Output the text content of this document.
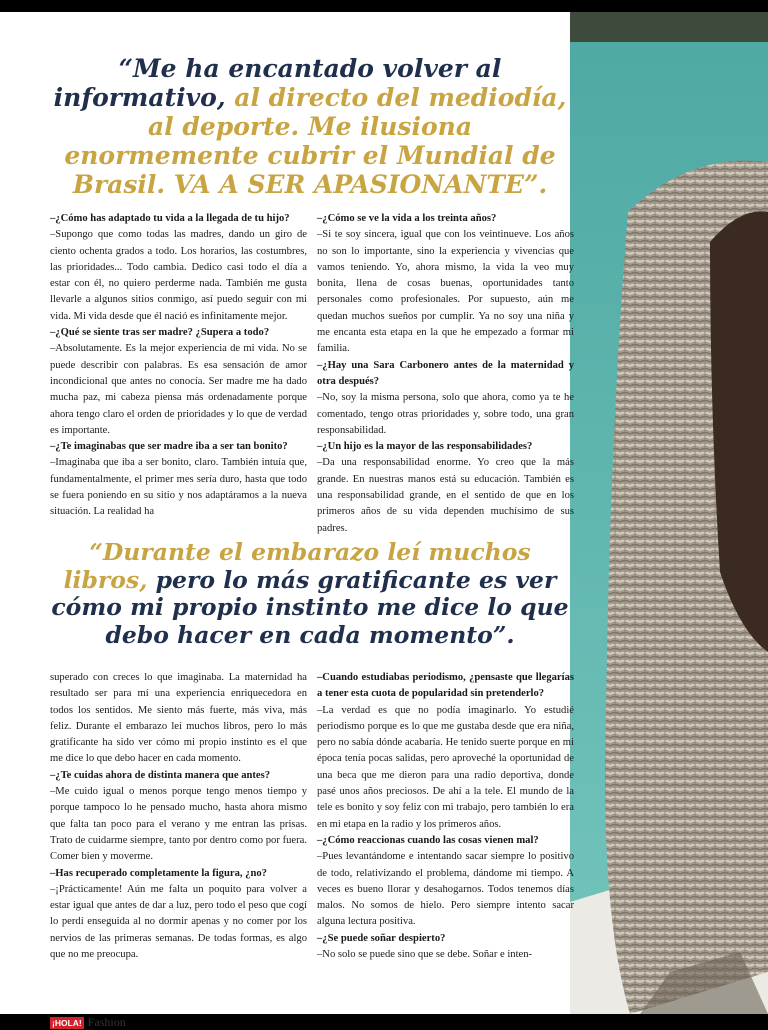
“Me ha encantado volver al informativo, al directo del mediodía, al deporte. Me ilusiona enormemente cubrir el Mundial de Brasil. VA A SER APASIONANTE”.

–¿Cómo has adaptado tu vida a la llegada de tu hijo?
–Supongo que como todas las madres, dando un giro de ciento ochenta grados a todo. Los horarios, las costumbres, las prioridades... Todo cambia. Dedico casi todo el día a estar con él, no quiero perderme nada. También me gusta llevarle a algunos sitios conmigo, así puedo seguir con mi vida. Mi vida desde que él nació es infinitamente mejor.

–¿Qué se siente tras ser madre? ¿Supera a todo?
–Absolutamente. Es la mejor experiencia de mi vida. No se puede describir con palabras. Es esa sensación de amor incondicional que antes no conocía. Ser madre me ha dado mucha paz, mi cabeza piensa más ordenadamente porque ahora tengo claro el orden de prioridades y lo que de verdad es importante.

–¿Te imaginabas que ser madre iba a ser tan bonito?
–Imaginaba que iba a ser bonito, claro. También intuía que, fundamentalmente, el primer mes sería duro, hasta que todo se fuera poniendo en su sitio y nos adaptáramos a la nueva situación. La realidad ha

–¿Cómo se ve la vida a los treinta años?
–Si te soy sincera, igual que con los veintinueve. Los años no son lo importante, sino la experiencia y vivencias que vamos teniendo. Yo, ahora mismo, la vida la veo muy bonita, llena de cosas buenas, oportunidades tanto personales como profesionales. Por supuesto, aún me quedan muchos sueños por cumplir. Ya no soy una niña y me encanta esta etapa en la que he empezado a formar mi familia.

–¿Hay una Sara Carbonero antes de la maternidad y otra después?
–No, soy la misma persona, solo que ahora, como ya te he comentado, tengo otras prioridades y, sobre todo, una gran responsabilidad.

–¿Un hijo es la mayor de las responsabilidades?
–Da una responsabilidad enorme. Yo creo que la más grande. En nuestras manos está su educación. También es una responsabilidad grande, en el sentido de que en los primeros años de su vida dependen muchísimo de sus padres.

“Durante el embarazo leí muchos libros, pero lo más gratificante es ver cómo mi propio instinto me dice lo que debo hacer en cada momento”.

superado con creces lo que imaginaba. La maternidad ha resultado ser para mí una experiencia enriquecedora en todos los sentidos. Me siento más fuerte, más viva, más feliz. Durante el embarazo leí muchos libros, pero lo más gratificante ha sido ver cómo mi propio instinto es el que me dice lo que debo hacer en cada momento.

–¿Te cuidas ahora de distinta manera que antes?
–Me cuido igual o menos porque tengo menos tiempo y porque tampoco lo he pensado mucho, hasta ahora mismo que falta tan poco para el verano y me entran las prisas. Trato de cuidarme siempre, tanto por dentro como por fuera. Comer bien y moverme.

–Has recuperado completamente la figura, ¿no?
–¡Prácticamente! Aún me falta un poquito para volver a estar igual que antes de dar a luz, pero todo el peso que cogí lo perdí enseguida al no dormir apenas y no comer por los nervios de las primeras semanas. De todas formas, es algo que no me preocupa.

–Cuando estudiabas periodismo, ¿pensaste que llegarías a tener esta cuota de popularidad sin pretenderlo?
–La verdad es que no podía imaginarlo. Yo estudié periodismo porque es lo que me gustaba desde que era niña, pero no sabía dónde acabaría. He tenido suerte porque en mi época tenía pocas salidas, pero aproveché la oportunidad de una beca que me dieron para una radio deportiva, donde pasé unos años preciosos. De ahí a la tele. El mundo de la tele es bonito y soy feliz con mi trabajo, pero también lo era en mi etapa en la radio y los primeros años.

–¿Cómo reaccionas cuando las cosas vienen mal?
–Pues levantándome e intentando sacar siempre lo positivo de todo, relativizando el problema, dándome mi tiempo. A veces es bueno llorar y desahogarnos. Todos tenemos días malos. No somos de hielo. Pero siempre intento sacar alguna lectura positiva.

–¿Se puede soñar despierto?
–No solo se puede sino que se debe. Soñar e inten-

¡HOLA! Fashion
